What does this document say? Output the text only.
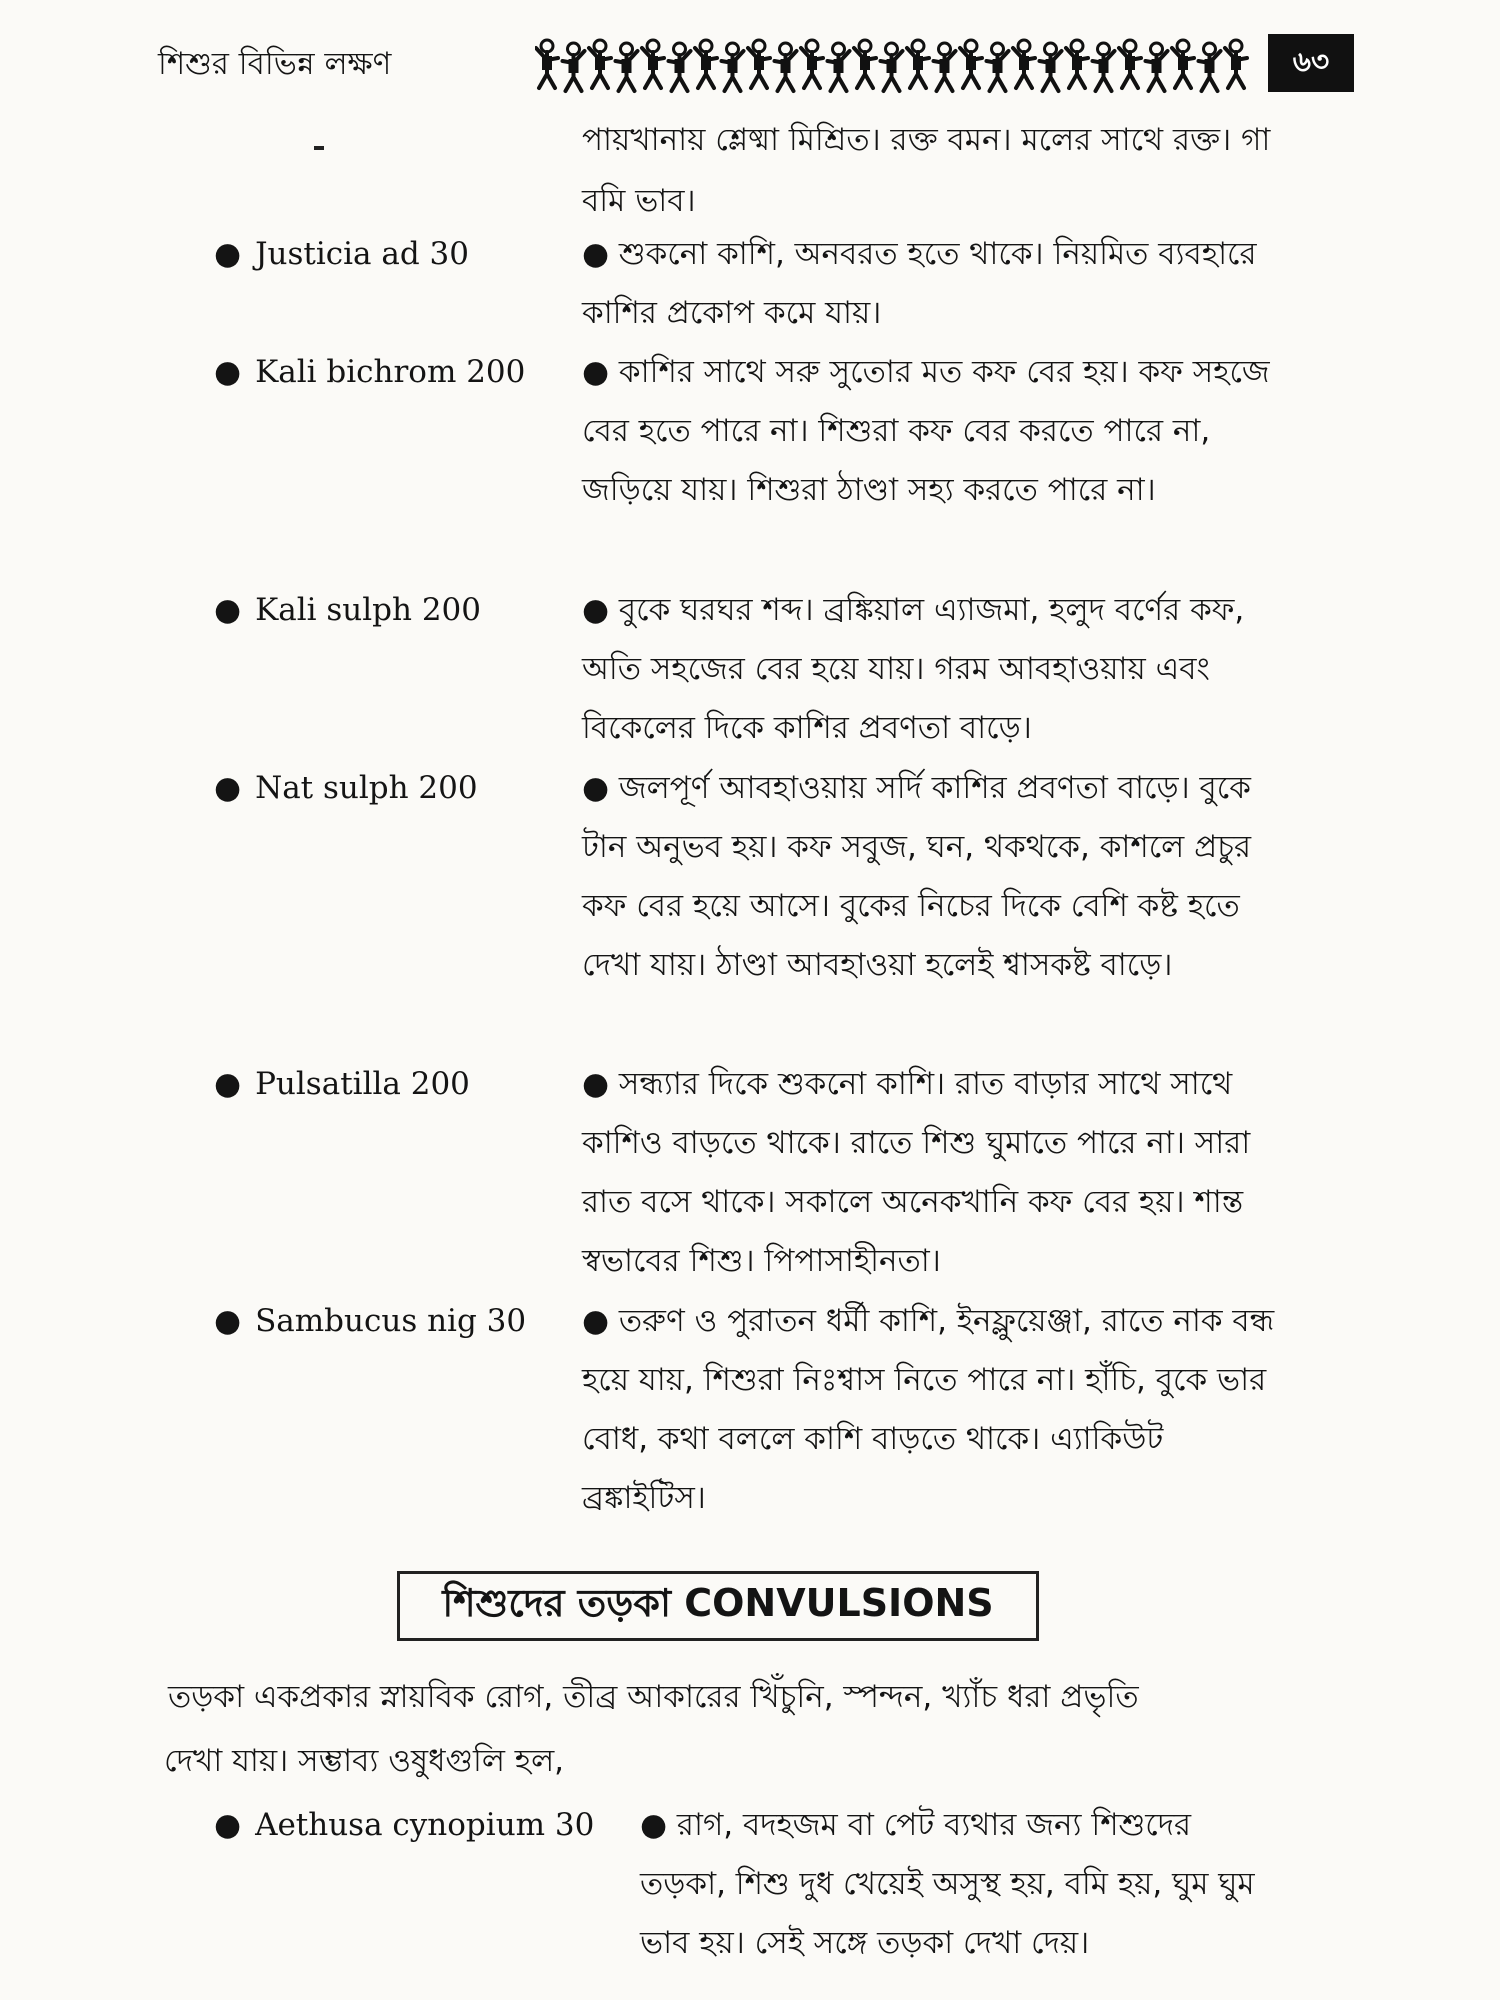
শিশুর বিভিন্ন লক্ষণ	৬৩
পায়খানায় শ্লেষ্মা মিশ্রিত। রক্ত বমন। মলের সাথে রক্ত। গা বমি ভাব।
● Justicia ad 30	● শুকনো কাশি, অনবরত হতে থাকে। নিয়মিত ব্যবহারে কাশির প্রকোপ কমে যায়।
● Kali bichrom 200 ● কাশির সাথে সরু সুতোর মত কফ বের হয়। কফ সহজে বের হতে পারে না। শিশুরা কফ বের করতে পারে না, জড়িয়ে যায়। শিশুরা ঠাণ্ডা সহ্য করতে পারে না।
● Kali sulph 200	● বুকে ঘরঘর শব্দ। ব্রঙ্কিয়াল এ্যাজমা, হলুদ বর্ণের কফ, অতি সহজের বের হয়ে যায়। গরম আবহাওয়ায় এবং বিকেলের দিকে কাশির প্রবণতা বাড়ে।
● Nat sulph 200	● জলপূর্ণ আবহাওয়ায় সর্দি কাশির প্রবণতা বাড়ে। বুকে টান অনুভব হয়। কফ সবুজ, ঘন, থকথকে, কাশলে প্রচুর কফ বের হয়ে আসে। বুকের নিচের দিকে বেশি কষ্ট হতে দেখা যায়। ঠাণ্ডা আবহাওয়া হলেই শ্বাসকষ্ট বাড়ে।
● Pulsatilla 200	● সন্ধ্যার দিকে শুকনো কাশি। রাত বাড়ার সাথে সাথে কাশিও বাড়তে থাকে। রাতে শিশু ঘুমাতে পারে না। সারা রাত বসে থাকে। সকালে অনেকখানি কফ বের হয়। শান্ত স্বভাবের শিশু। পিপাসাহীনতা।
● Sambucus nig 30 ● তরুণ ও পুরাতন ধর্মী কাশি, ইনফ্লুয়েঞ্জা, রাতে নাক বন্ধ হয়ে যায়, শিশুরা নিঃশ্বাস নিতে পারে না। হাঁচি, বুকে ভার বোধ, কথা বললে কাশি বাড়তে থাকে। এ্যাকিউট ব্রঙ্কাইটিস।
শিশুদের তড়কা CONVULSIONS
তড়কা একপ্রকার স্নায়বিক রোগ, তীব্র আকারের খিঁচুনি, স্পন্দন, খ্যাঁচ ধরা প্রভৃতি
দেখা যায়। সম্ভাব্য ওষুধগুলি হল,
● Aethusa cynopium 30 ● রাগ, বদহজম বা পেট ব্যথার জন্য শিশুদের তড়কা, শিশু দুধ খেয়েই অসুস্থ হয়, বমি হয়, ঘুম ঘুম ভাব হয়। সেই সঙ্গে তড়কা দেখা দেয়।
